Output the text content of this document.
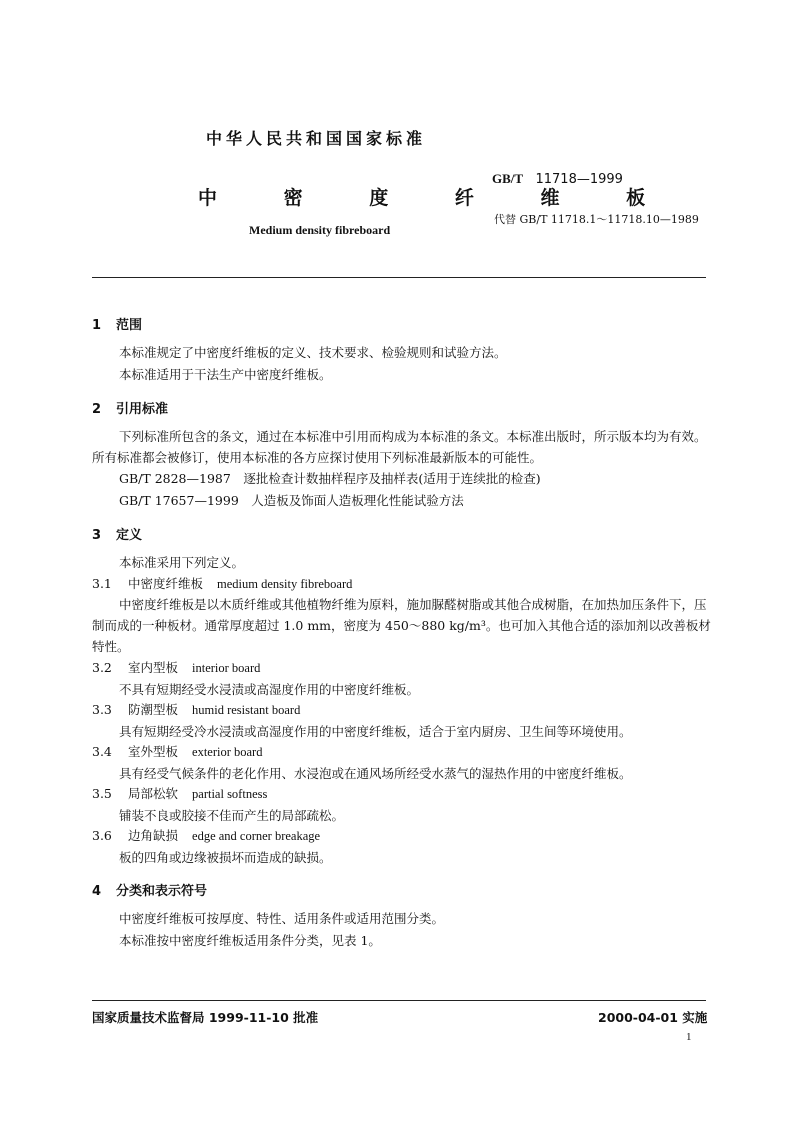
中华人民共和国国家标准
中 密 度 纤 维 板
Medium density fibreboard
GB/T 11718—1999
代替 GB/T 11718.1～11718.10—1989
1 范围
本标准规定了中密度纤维板的定义、技术要求、检验规则和试验方法。
本标准适用于干法生产中密度纤维板。
2 引用标准
下列标准所包含的条文，通过在本标准中引用而构成为本标准的条文。本标准出版时，所示版本均为有效。所有标准都会被修订，使用本标准的各方应探讨使用下列标准最新版本的可能性。
GB/T 2828—1987　逐批检查计数抽样程序及抽样表(适用于连续批的检查)
GB/T 17657—1999　人造板及饰面人造板理化性能试验方法
3 定义
本标准采用下列定义。
3.1 中密度纤维板 medium density fibreboard
中密度纤维板是以木质纤维或其他植物纤维为原料，施加脲醛树脂或其他合成树脂，在加热加压条件下，压制而成的一种板材。通常厚度超过 1.0 mm，密度为 450～880 kg/m³。也可加入其他合适的添加剂以改善板材特性。
3.2 室内型板 interior board
不具有短期经受水浸渍或高湿度作用的中密度纤维板。
3.3 防潮型板 humid resistant board
具有短期经受冷水浸渍或高湿度作用的中密度纤维板，适合于室内厨房、卫生间等环境使用。
3.4 室外型板 exterior board
具有经受气候条件的老化作用、水浸泡或在通风场所经受水蒸气的湿热作用的中密度纤维板。
3.5 局部松软 partial softness
铺装不良或胶接不佳而产生的局部疏松。
3.6 边角缺损 edge and corner breakage
板的四角或边缘被损坏而造成的缺损。
4 分类和表示符号
中密度纤维板可按厚度、特性、适用条件或适用范围分类。
本标准按中密度纤维板适用条件分类，见表 1。
国家质量技术监督局 1999-11-10 批准	2000-04-01 实施
1
